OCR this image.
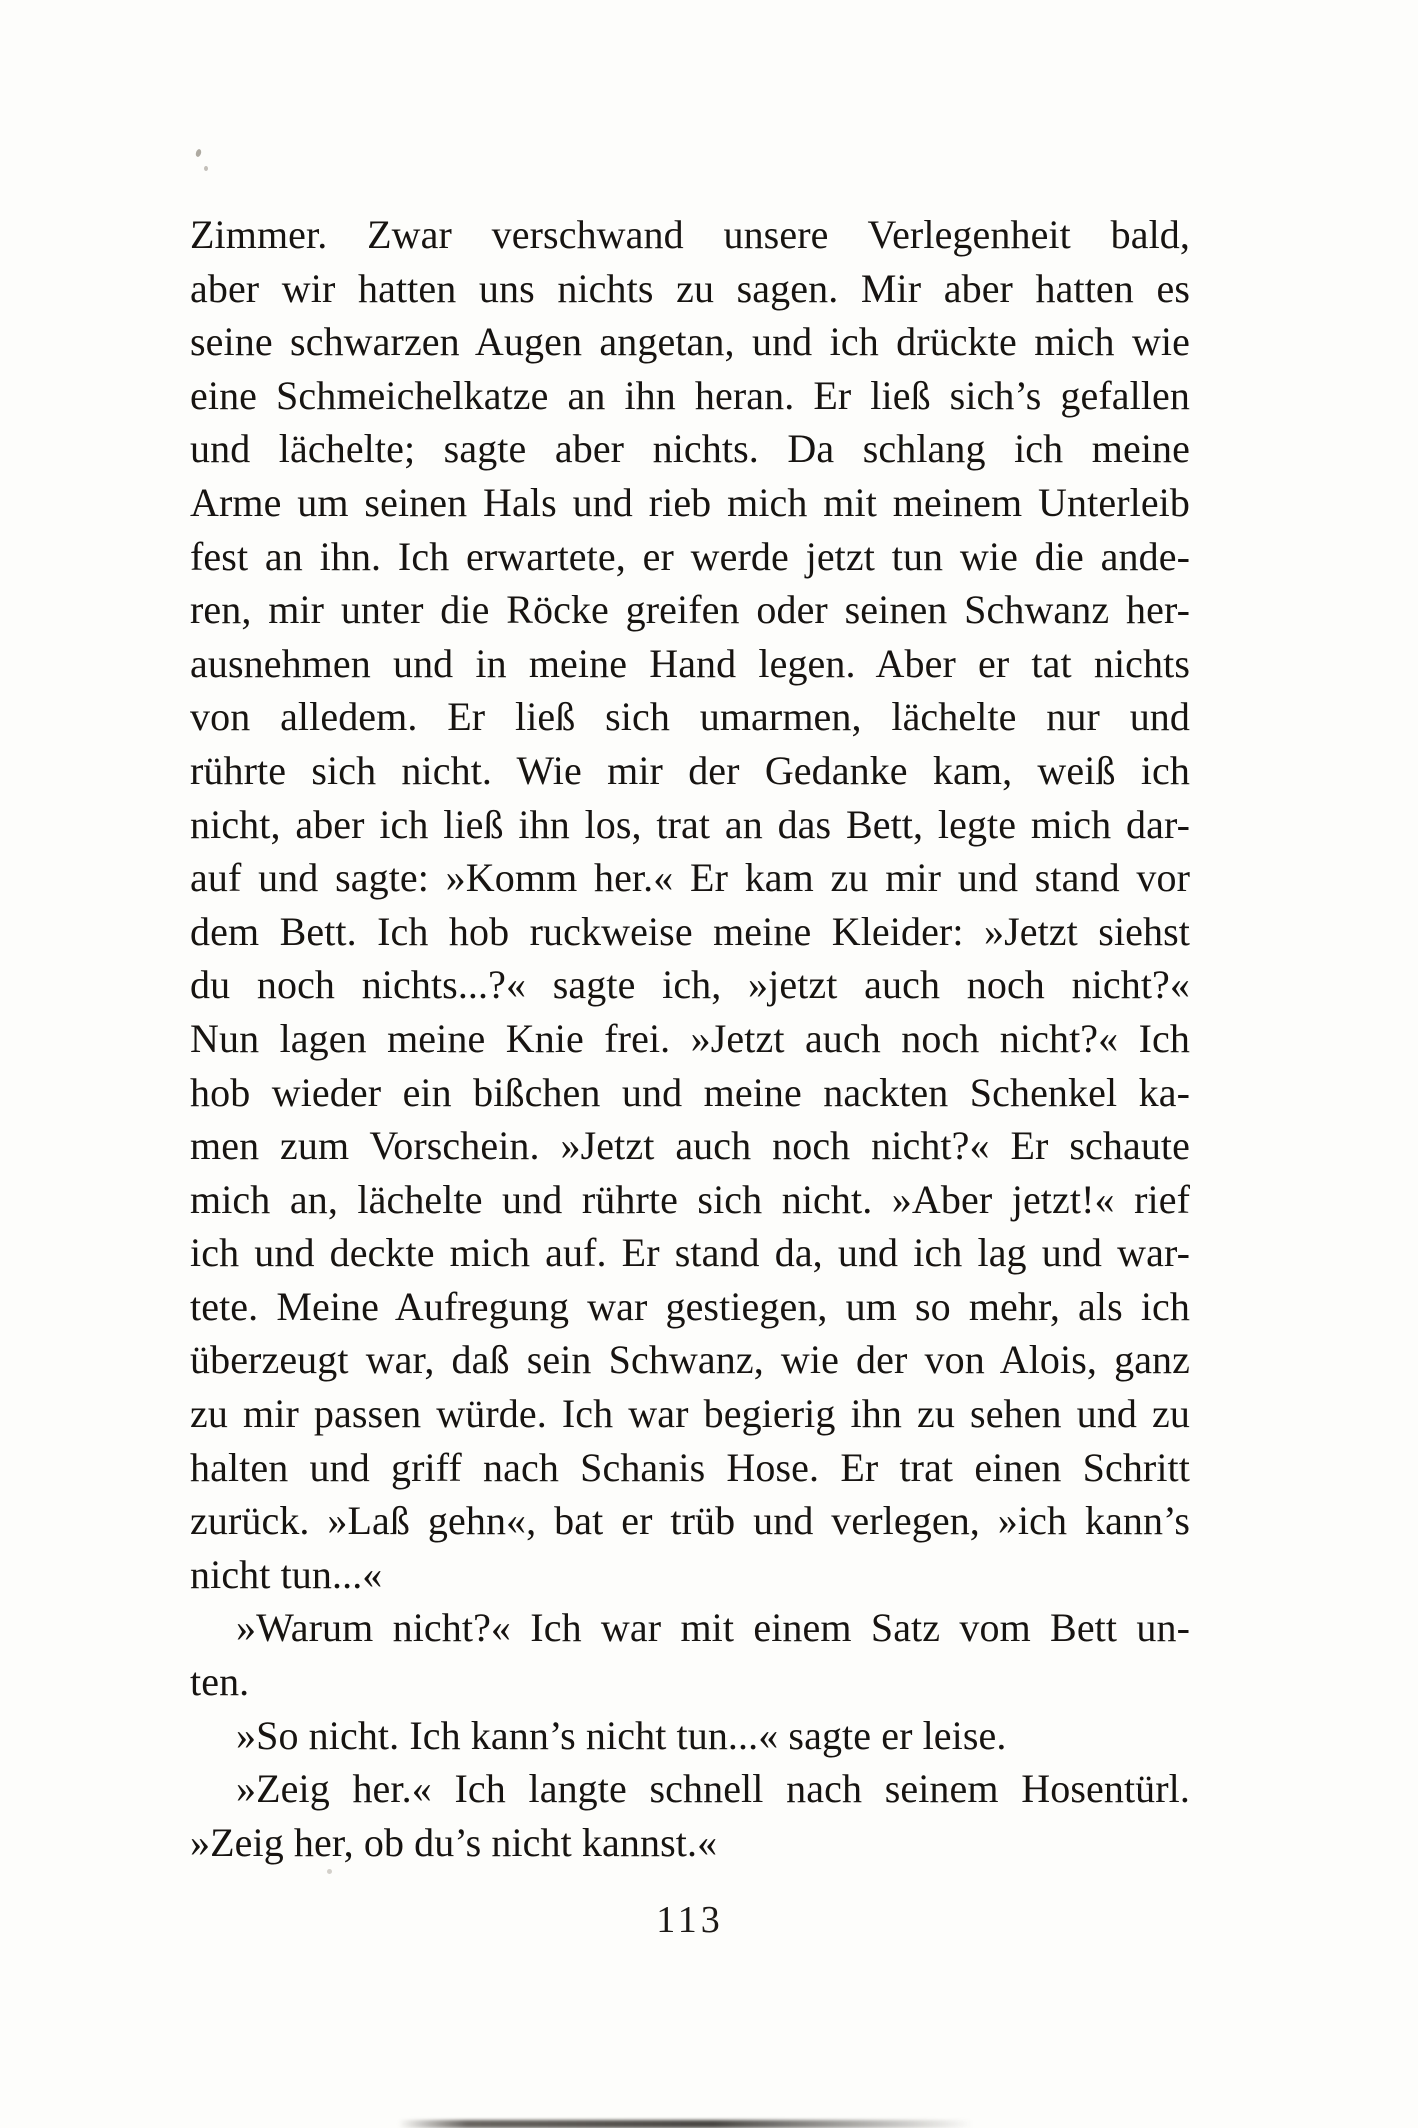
Zimmer. Zwar verschwand unsere Verlegenheit bald,
aber wir hatten uns nichts zu sagen. Mir aber hatten es
seine schwarzen Augen angetan, und ich drückte mich wie
eine Schmeichelkatze an ihn heran. Er ließ sich’s gefallen
und lächelte; sagte aber nichts. Da schlang ich meine
Arme um seinen Hals und rieb mich mit meinem Unterleib
fest an ihn. Ich erwartete, er werde jetzt tun wie die ande-
ren, mir unter die Röcke greifen oder seinen Schwanz her-
ausnehmen und in meine Hand legen. Aber er tat nichts
von alledem. Er ließ sich umarmen, lächelte nur und
rührte sich nicht. Wie mir der Gedanke kam, weiß ich
nicht, aber ich ließ ihn los, trat an das Bett, legte mich dar-
auf und sagte: »Komm her.« Er kam zu mir und stand vor
dem Bett. Ich hob ruckweise meine Kleider: »Jetzt siehst
du noch nichts...?« sagte ich, »jetzt auch noch nicht?«
Nun lagen meine Knie frei. »Jetzt auch noch nicht?« Ich
hob wieder ein bißchen und meine nackten Schenkel ka-
men zum Vorschein. »Jetzt auch noch nicht?« Er schaute
mich an, lächelte und rührte sich nicht. »Aber jetzt!« rief
ich und deckte mich auf. Er stand da, und ich lag und war-
tete. Meine Aufregung war gestiegen, um so mehr, als ich
überzeugt war, daß sein Schwanz, wie der von Alois, ganz
zu mir passen würde. Ich war begierig ihn zu sehen und zu
halten und griff nach Schanis Hose. Er trat einen Schritt
zurück. »Laß gehn«, bat er trüb und verlegen, »ich kann’s
nicht tun...«
»Warum nicht?« Ich war mit einem Satz vom Bett un-
ten.
»So nicht. Ich kann’s nicht tun...« sagte er leise.
»Zeig her.« Ich langte schnell nach seinem Hosentürl.
»Zeig her, ob du’s nicht kannst.«
113
